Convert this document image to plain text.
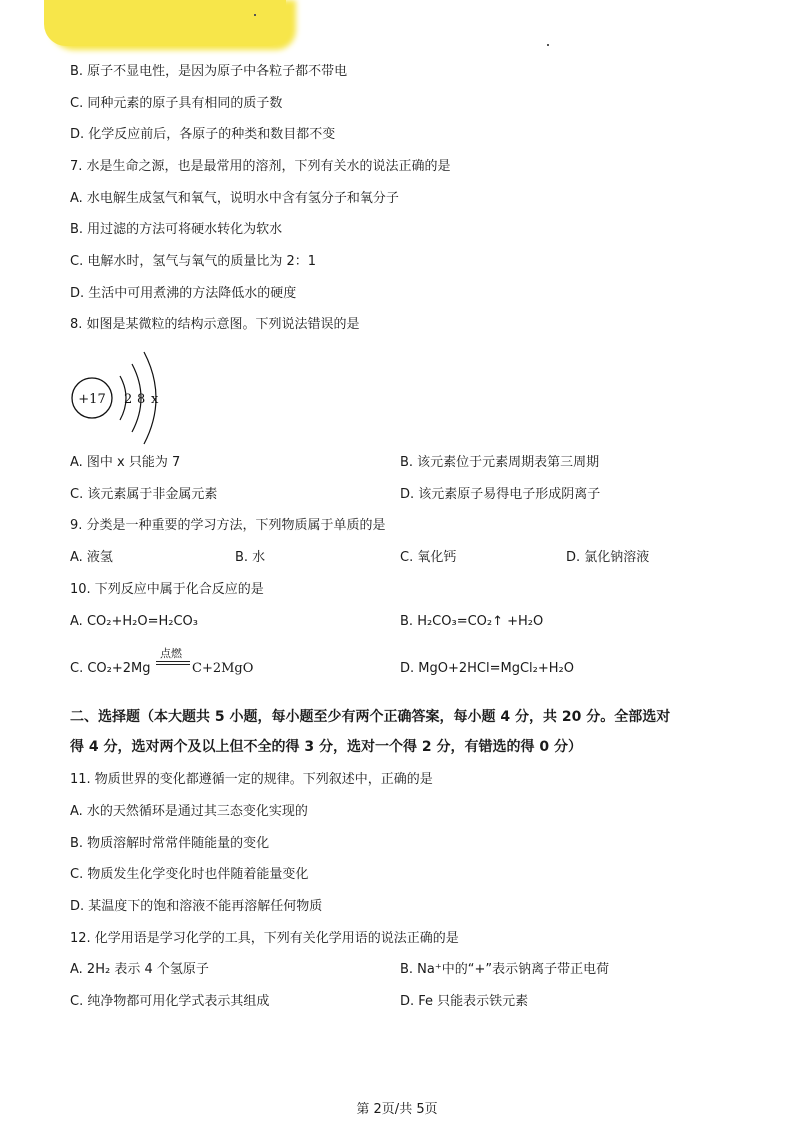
B. 原子不显电性，是因为原子中各粒子都不带电
C. 同种元素的原子具有相同的质子数
D. 化学反应前后，各原子的种类和数目都不变
7. 水是生命之源，也是最常用的溶剂，下列有关水的说法正确的是
A. 水电解生成氢气和氧气，说明水中含有氢分子和氧分子
B. 用过滤的方法可将硬水转化为软水
C. 电解水时，氢气与氧气的质量比为 2：1
D. 生活中可用煮沸的方法降低水的硬度
8. 如图是某微粒的结构示意图。下列说法错误的是
+17 2 8 x
A. 图中 x 只能为 7	B. 该元素位于元素周期表第三周期
C. 该元素属于非金属元素	D. 该元素原子易得电子形成阴离子
9. 分类是一种重要的学习方法，下列物质属于单质的是
A. 液氢	B. 水	C. 氧化钙	D. 氯化钠溶液
10. 下列反应中属于化合反应的是
A. CO₂+H₂O=H₂CO₃	B. H₂CO₃=CO₂↑ +H₂O
C. CO₂+2Mg
点燃
C+2MgO	D. MgO+2HCl=MgCl₂+H₂O
二、选择题（本大题共 5 小题，每小题至少有两个正确答案，每小题 4 分，共 20 分。全部选对
得 4 分，选对两个及以上但不全的得 3 分，选对一个得 2 分，有错选的得 0 分）
11. 物质世界的变化都遵循一定的规律。下列叙述中，正确的是
A. 水的天然循环是通过其三态变化实现的
B. 物质溶解时常常伴随能量的变化
C. 物质发生化学变化时也伴随着能量变化
D. 某温度下的饱和溶液不能再溶解任何物质
12. 化学用语是学习化学的工具，下列有关化学用语的说法正确的是
A. 2H₂ 表示 4 个氢原子	B. Na⁺中的“+”表示钠离子带正电荷
C. 纯净物都可用化学式表示其组成	D. Fe 只能表示铁元素
第 2页/共 5页
